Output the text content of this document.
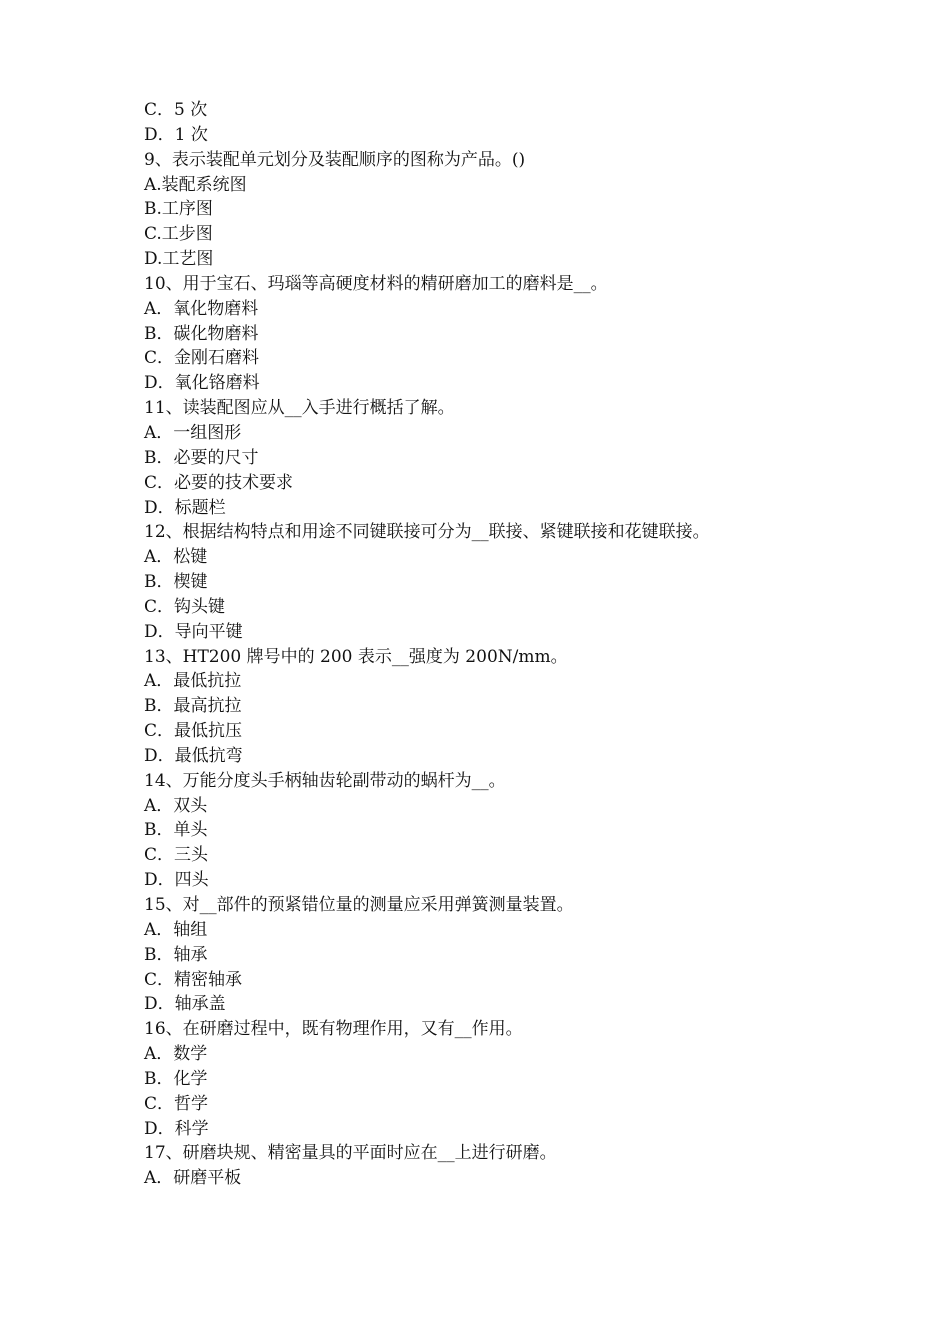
C．5 次

D．1 次

9、表示装配单元划分及装配顺序的图称为产品。()

A.装配系统图

B.工序图

C.工步图

D.工艺图

10、用于宝石、玛瑙等高硬度材料的精研磨加工的磨料是__。

A．氧化物磨料

B．碳化物磨料

C．金刚石磨料

D．氧化铬磨料

11、读装配图应从__入手进行概括了解。

A．一组图形

B．必要的尺寸

C．必要的技术要求

D．标题栏

12、根据结构特点和用途不同键联接可分为__联接、紧键联接和花键联接。

A．松键

B．楔键

C．钩头键

D．导向平键

13、HT200 牌号中的 200 表示__强度为 200N/mm。

A．最低抗拉

B．最高抗拉

C．最低抗压

D．最低抗弯

14、万能分度头手柄轴齿轮副带动的蜗杆为__。

A．双头

B．单头

C．三头

D．四头

15、对__部件的预紧错位量的测量应采用弹簧测量装置。

A．轴组

B．轴承

C．精密轴承

D．轴承盖

16、在研磨过程中，既有物理作用，又有__作用。

A．数学

B．化学

C．哲学

D．科学

17、研磨块规、精密量具的平面时应在__上进行研磨。

A．研磨平板
